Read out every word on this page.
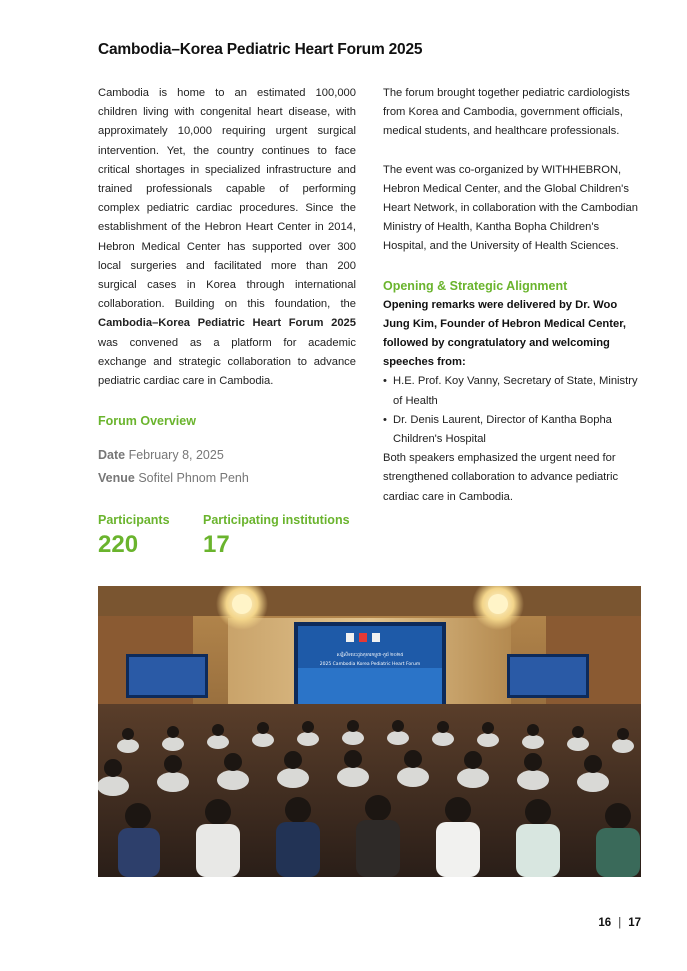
Cambodia–Korea Pediatric Heart Forum 2025

Cambodia is home to an estimated 100,000 children living with congenital heart disease, with approximately 10,000 requiring urgent surgical intervention. Yet, the country continues to face critical shortages in specialized infrastructure and trained professionals capable of performing complex pediatric cardiac procedures. Since the establishment of the Hebron Heart Center in 2014, Hebron Medical Center has supported over 300 local surgeries and facilitated more than 200 surgical cases in Korea through international collaboration. Building on this foundation, the Cambodia–Korea Pediatric Heart Forum 2025 was convened as a platform for academic exchange and strategic collaboration to advance pediatric cardiac care in Cambodia.

Forum Overview
Date February 8, 2025
Venue Sofitel Phnom Penh
Participants
220
Participating institutions
17

The forum brought together pediatric cardiologists from Korea and Cambodia, government officials, medical students, and healthcare professionals.

The event was co-organized by WITHHEBRON, Hebron Medical Center, and the Global Children's Heart Network, in collaboration with the Cambodian Ministry of Health, Kantha Bopha Children's Hospital, and the University of Health Sciences.

Opening & Strategic Alignment

Opening remarks were delivered by Dr. Woo Jung Kim, Founder of Hebron Medical Center, followed by congratulatory and welcoming speeches from:

• H.E. Prof. Koy Vanny, Secretary of State, Ministry of Health
• Dr. Denis Laurent, Director of Kantha Bopha Children's Hospital

Both speakers emphasized the urgent need for strengthened collaboration to advance pediatric cardiac care in Cambodia.

សន្និសីទបេះដូងកុមារកម្ពុជា-កូរ៉េ ២០២៥
2025 Cambodia Korea Pediatric Heart Forum
16 | 17
